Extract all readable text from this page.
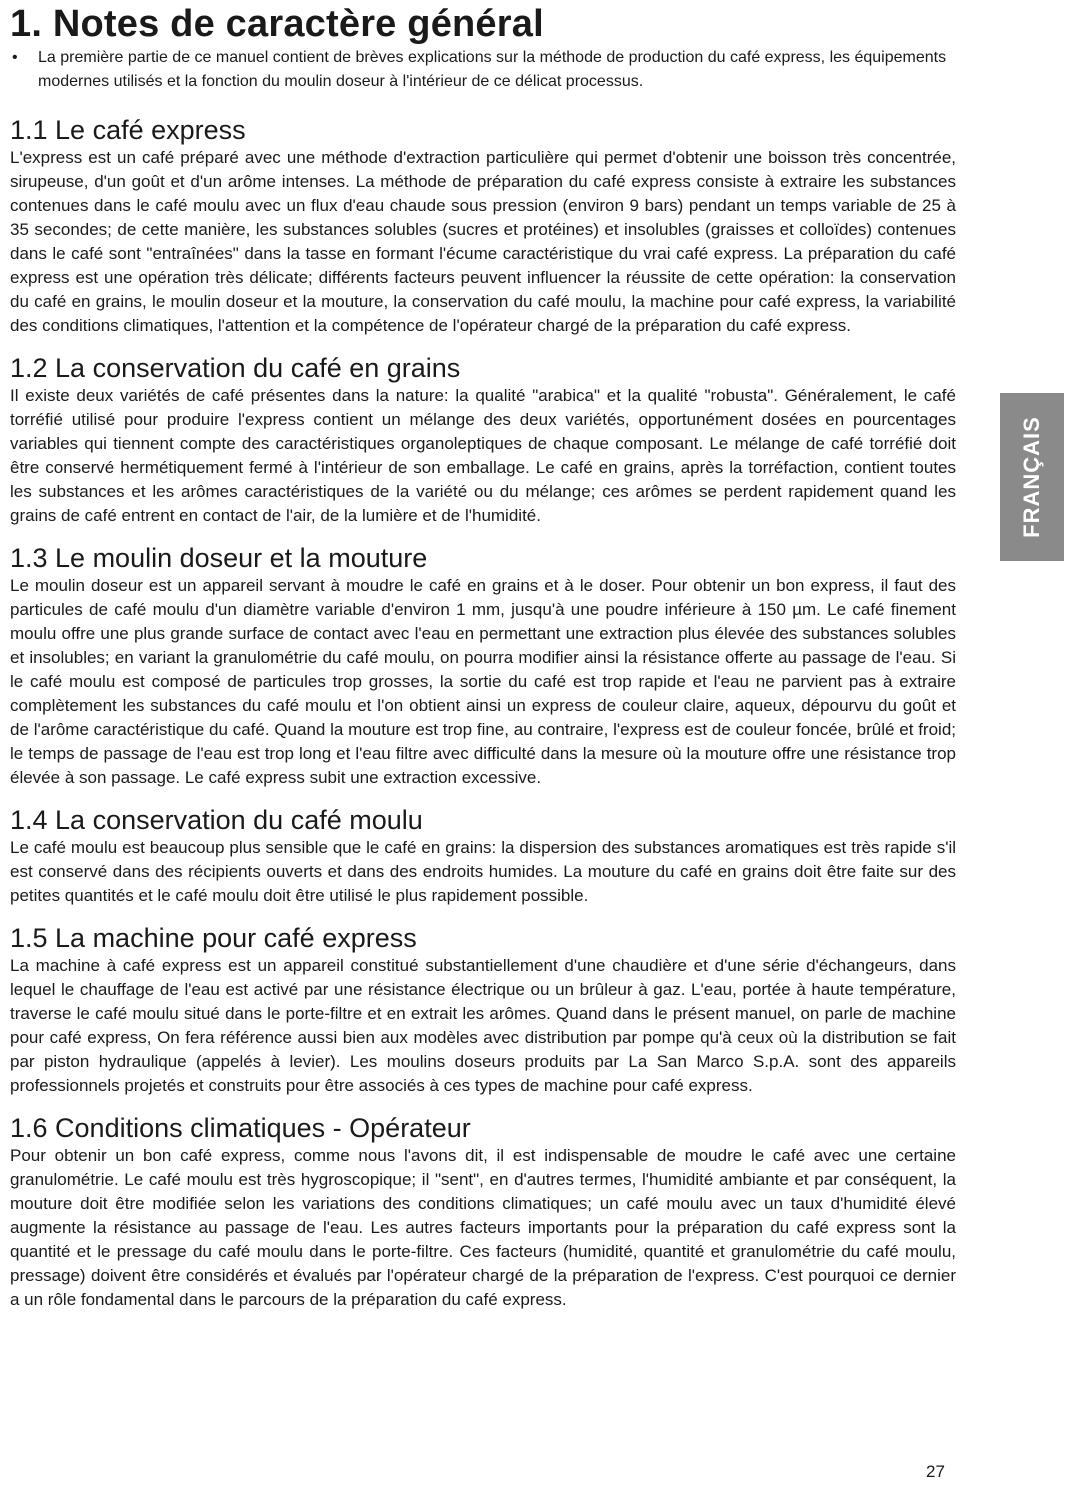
1. Notes de caractère général
•	La première partie de ce manuel contient de brèves explications sur la méthode de production du café express, les équipements modernes utilisés et la fonction du moulin doseur à l'intérieur de ce délicat processus.
1.1 Le café express

L'express est un café préparé avec une méthode d'extraction particulière qui permet d'obtenir une boisson très concentrée, sirupeuse, d'un goût et d'un arôme intenses. La méthode de préparation du café express consiste à extraire les substances contenues dans le café moulu avec un flux d'eau chaude sous pression (environ 9 bars) pendant un temps variable de 25 à 35 secondes; de cette manière, les substances solubles (sucres et protéines) et insolubles (graisses et colloïdes) contenues dans le café sont "entraînées" dans la tasse en formant l'écume caractéristique du vrai café express. La préparation du café express est une opération très délicate; différents facteurs peuvent influencer la réussite de cette opération: la conservation du café en grains, le moulin doseur et la mouture, la conservation du café moulu, la machine pour café express, la variabilité des conditions climatiques, l'attention et la compétence de l'opérateur chargé de la préparation du café express.

1.2 La conservation du café en grains

Il existe deux variétés de café présentes dans la nature: la qualité "arabica" et la qualité "robusta". Généralement, le café torréfié utilisé pour produire l'express contient un mélange des deux variétés, opportunément dosées en pourcentages variables qui tiennent compte des caractéristiques organoleptiques de chaque composant. Le mélange de café torréfié doit être conservé hermétiquement fermé à l'intérieur de son emballage. Le café en grains, après la torréfaction, contient toutes les substances et les arômes caractéristiques de la variété ou du mélange; ces arômes se perdent rapidement quand les grains de café entrent en contact de l'air, de la lumière et de l'humidité.

1.3 Le moulin doseur et la mouture

Le moulin doseur est un appareil servant à moudre le café en grains et à le doser. Pour obtenir un bon express, il faut des particules de café moulu d'un diamètre variable d'environ 1 mm, jusqu'à une poudre inférieure à 150 µm. Le café finement moulu offre une plus grande surface de contact avec l'eau en permettant une extraction plus élevée des substances solubles et insolubles; en variant la granulométrie du café moulu, on pourra modifier ainsi la résistance offerte au passage de l'eau. Si le café moulu est composé de particules trop grosses, la sortie du café est trop rapide et l'eau ne parvient pas à extraire complètement les substances du café moulu et l'on obtient ainsi un express de couleur claire, aqueux, dépourvu du goût et de l'arôme caractéristique du café. Quand la mouture est trop fine, au contraire, l'express est de couleur foncée, brûlé et froid; le temps de passage de l'eau est trop long et l'eau filtre avec difficulté dans la mesure où la mouture offre une résistance trop élevée à son passage. Le café express subit une extraction excessive.

1.4 La conservation du café moulu

Le café moulu est beaucoup plus sensible que le café en grains: la dispersion des substances aromatiques est très rapide s'il est conservé dans des récipients ouverts et dans des endroits humides. La mouture du café en grains doit être faite sur des petites quantités et le café moulu doit être utilisé le plus rapidement possible.

1.5 La machine pour café express

La machine à café express est un appareil constitué substantiellement d'une chaudière et d'une série d'échangeurs, dans lequel le chauffage de l'eau est activé par une résistance électrique ou un brûleur à gaz. L'eau, portée à haute température, traverse le café moulu situé dans le porte-filtre et en extrait les arômes. Quand dans le présent manuel, on parle de machine pour café express, On fera référence aussi bien aux modèles avec distribution par pompe qu'à ceux où la distribution se fait par piston hydraulique (appelés à levier). Les moulins doseurs produits par La San Marco S.p.A. sont des appareils professionnels projetés et construits pour être associés à ces types de machine pour café express.

1.6 Conditions climatiques - Opérateur

Pour obtenir un bon café express, comme nous l'avons dit, il est indispensable de moudre le café avec une certaine granulométrie. Le café moulu est très hygroscopique; il "sent", en d'autres termes, l'humidité ambiante et par conséquent, la mouture doit être modifiée selon les variations des conditions climatiques; un café moulu avec un taux d'humidité élevé augmente la résistance au passage de l'eau. Les autres facteurs importants pour la préparation du café express sont la quantité et le pressage du café moulu dans le porte-filtre. Ces facteurs (humidité, quantité et granulométrie du café moulu, pressage) doivent être considérés et évalués par l'opérateur chargé de la préparation de l'express. C'est pourquoi ce dernier a un rôle fondamental dans le parcours de la préparation du café express.

FRANÇAIS
27
